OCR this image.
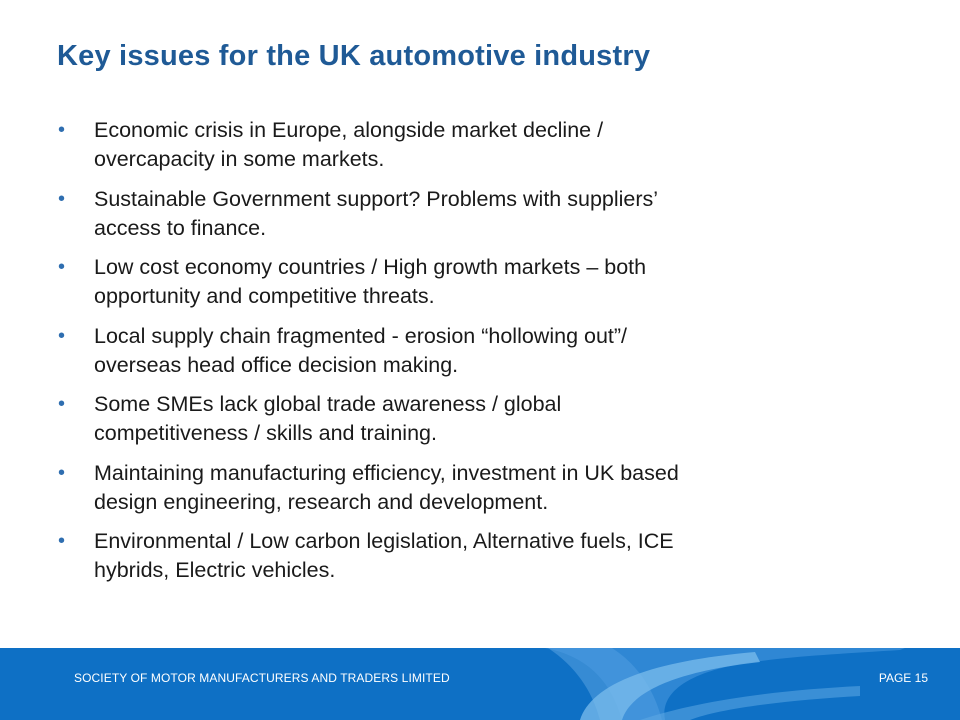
Key issues for the UK automotive industry
• Economic crisis in Europe, alongside market decline /
overcapacity in some markets.
• Sustainable Government support? Problems with suppliers’
access to finance.
• Low cost economy countries / High growth markets – both
opportunity and competitive threats.
• Local supply chain fragmented - erosion “hollowing out”/
overseas head office decision making.
• Some SMEs lack global trade awareness / global
competitiveness / skills and training.
• Maintaining manufacturing efficiency, investment in UK based
design engineering, research and development.
• Environmental / Low carbon legislation, Alternative fuels, ICE
hybrids, Electric vehicles.
SOCIETY OF MOTOR MANUFACTURERS AND TRADERS LIMITED	PAGE 15
